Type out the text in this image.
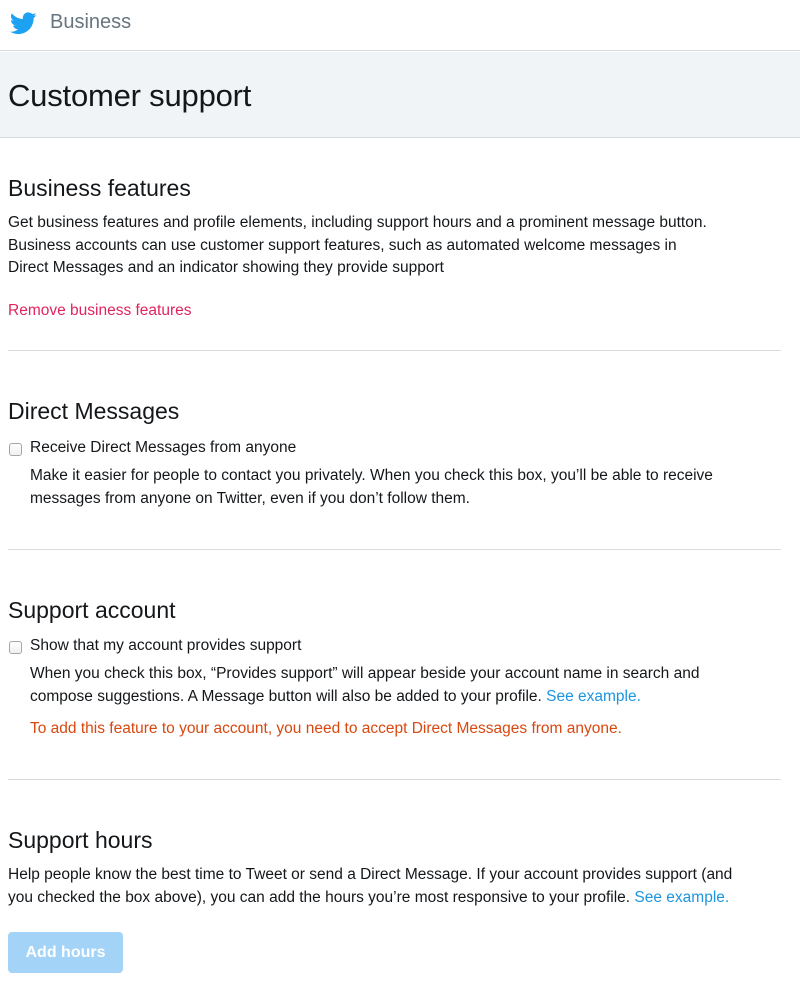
Business
Customer support
Business features
Get business features and profile elements, including support hours and a prominent message button.
Business accounts can use customer support features, such as automated welcome messages in
Direct Messages and an indicator showing they provide support
Remove business features
Direct Messages
Receive Direct Messages from anyone
Make it easier for people to contact you privately. When you check this box, you’ll be able to receive
messages from anyone on Twitter, even if you don’t follow them.
Support account
Show that my account provides support
When you check this box, “Provides support” will appear beside your account name in search and
compose suggestions. A Message button will also be added to your profile. See example.
To add this feature to your account, you need to accept Direct Messages from anyone.
Support hours
Help people know the best time to Tweet or send a Direct Message. If your account provides support (and
you checked the box above), you can add the hours you’re most responsive to your profile. See example.
Add hours
